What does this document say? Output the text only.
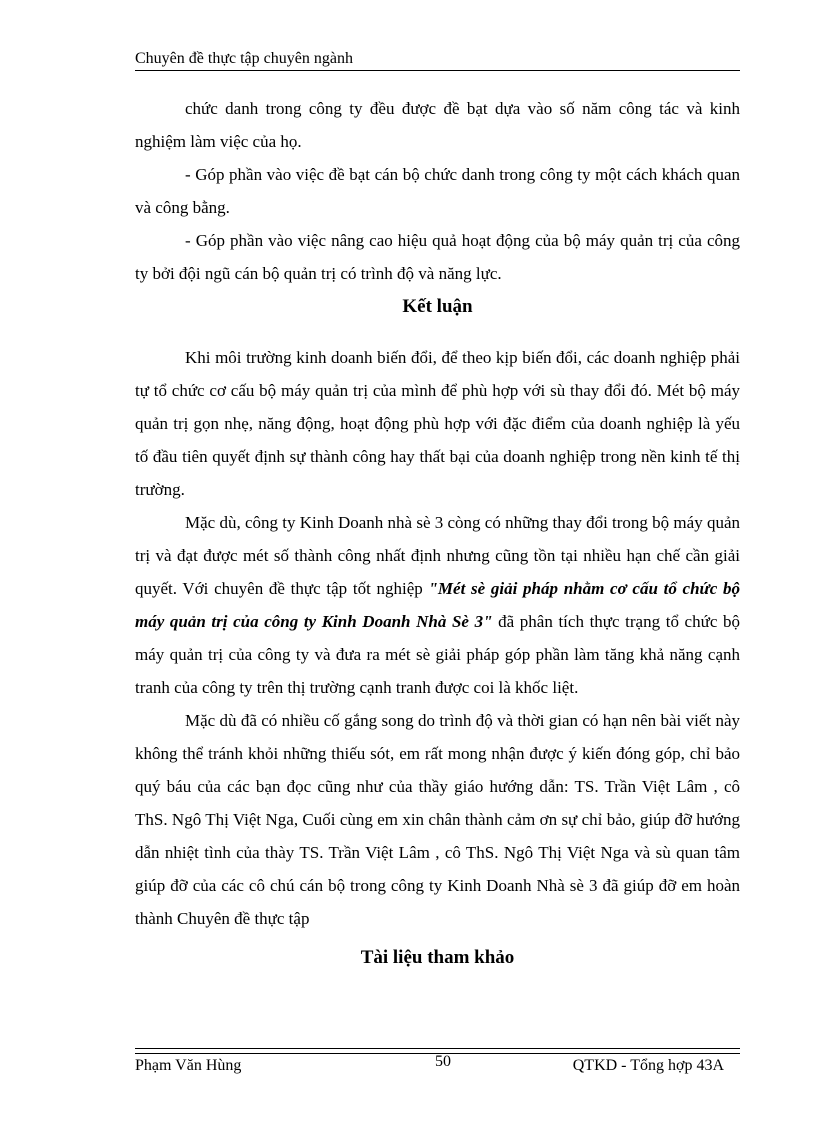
Chuyên đề thực tập chuyên ngành

chức danh trong công ty đều được đề bạt dựa vào số năm công tác và kinh nghiệm làm việc của họ.

- Góp phần vào việc đề bạt cán bộ chức danh trong công ty một cách khách quan và công bằng.

- Góp phần vào việc nâng cao hiệu quả hoạt động của bộ máy quản trị của công ty bởi đội ngũ cán bộ quản trị có trình độ và năng lực.

Kết luận

Khi môi trường kinh doanh biến đổi, để theo kịp biến đổi, các doanh nghiệp phải tự tổ chức cơ cấu bộ máy quản trị của mình để phù hợp với sù thay đổi đó. Mét bộ máy quản trị gọn nhẹ, năng động, hoạt động phù hợp với đặc điểm của doanh nghiệp là yếu tố đầu tiên quyết định sự thành công hay thất bại của doanh nghiệp trong nền kinh tế thị trường.

Mặc dù, công ty Kinh Doanh nhà sè 3 còng có những thay đổi trong bộ máy quản trị và đạt được mét số thành công nhất định nhưng cũng tồn tại nhiều hạn chế cần giải quyết. Với chuyên đề thực tập tốt nghiệp "Mét sè giải pháp nhằm cơ cấu tổ chức bộ máy quản trị của công ty Kinh Doanh Nhà Sè 3" đã phân tích thực trạng tổ chức bộ máy quản trị của công ty và đưa ra mét sè giải pháp góp phần làm tăng khả năng cạnh tranh của công ty trên thị trường cạnh tranh được coi là khốc liệt.

Mặc dù đã có nhiều cố gắng song do trình độ và thời gian có hạn nên bài viết này không thể tránh khỏi những thiếu sót, em rất mong nhận được ý kiến đóng góp, chỉ bảo quý báu của các bạn đọc cũng như của thầy giáo hướng dẫn: TS. Trần Việt Lâm , cô ThS. Ngô Thị Việt Nga, Cuối cùng em xin chân thành cảm ơn sự chỉ bảo, giúp đỡ hướng dẫn nhiệt tình của thày TS. Trần Việt Lâm , cô ThS. Ngô Thị Việt Nga và sù quan tâm giúp đỡ của các cô chú cán bộ trong công ty Kinh Doanh Nhà sè 3 đã giúp đỡ em hoàn thành Chuyên đề thực tập

Tài liệu tham khảo
Phạm Văn Hùng	50	QTKD - Tổng hợp 43A
